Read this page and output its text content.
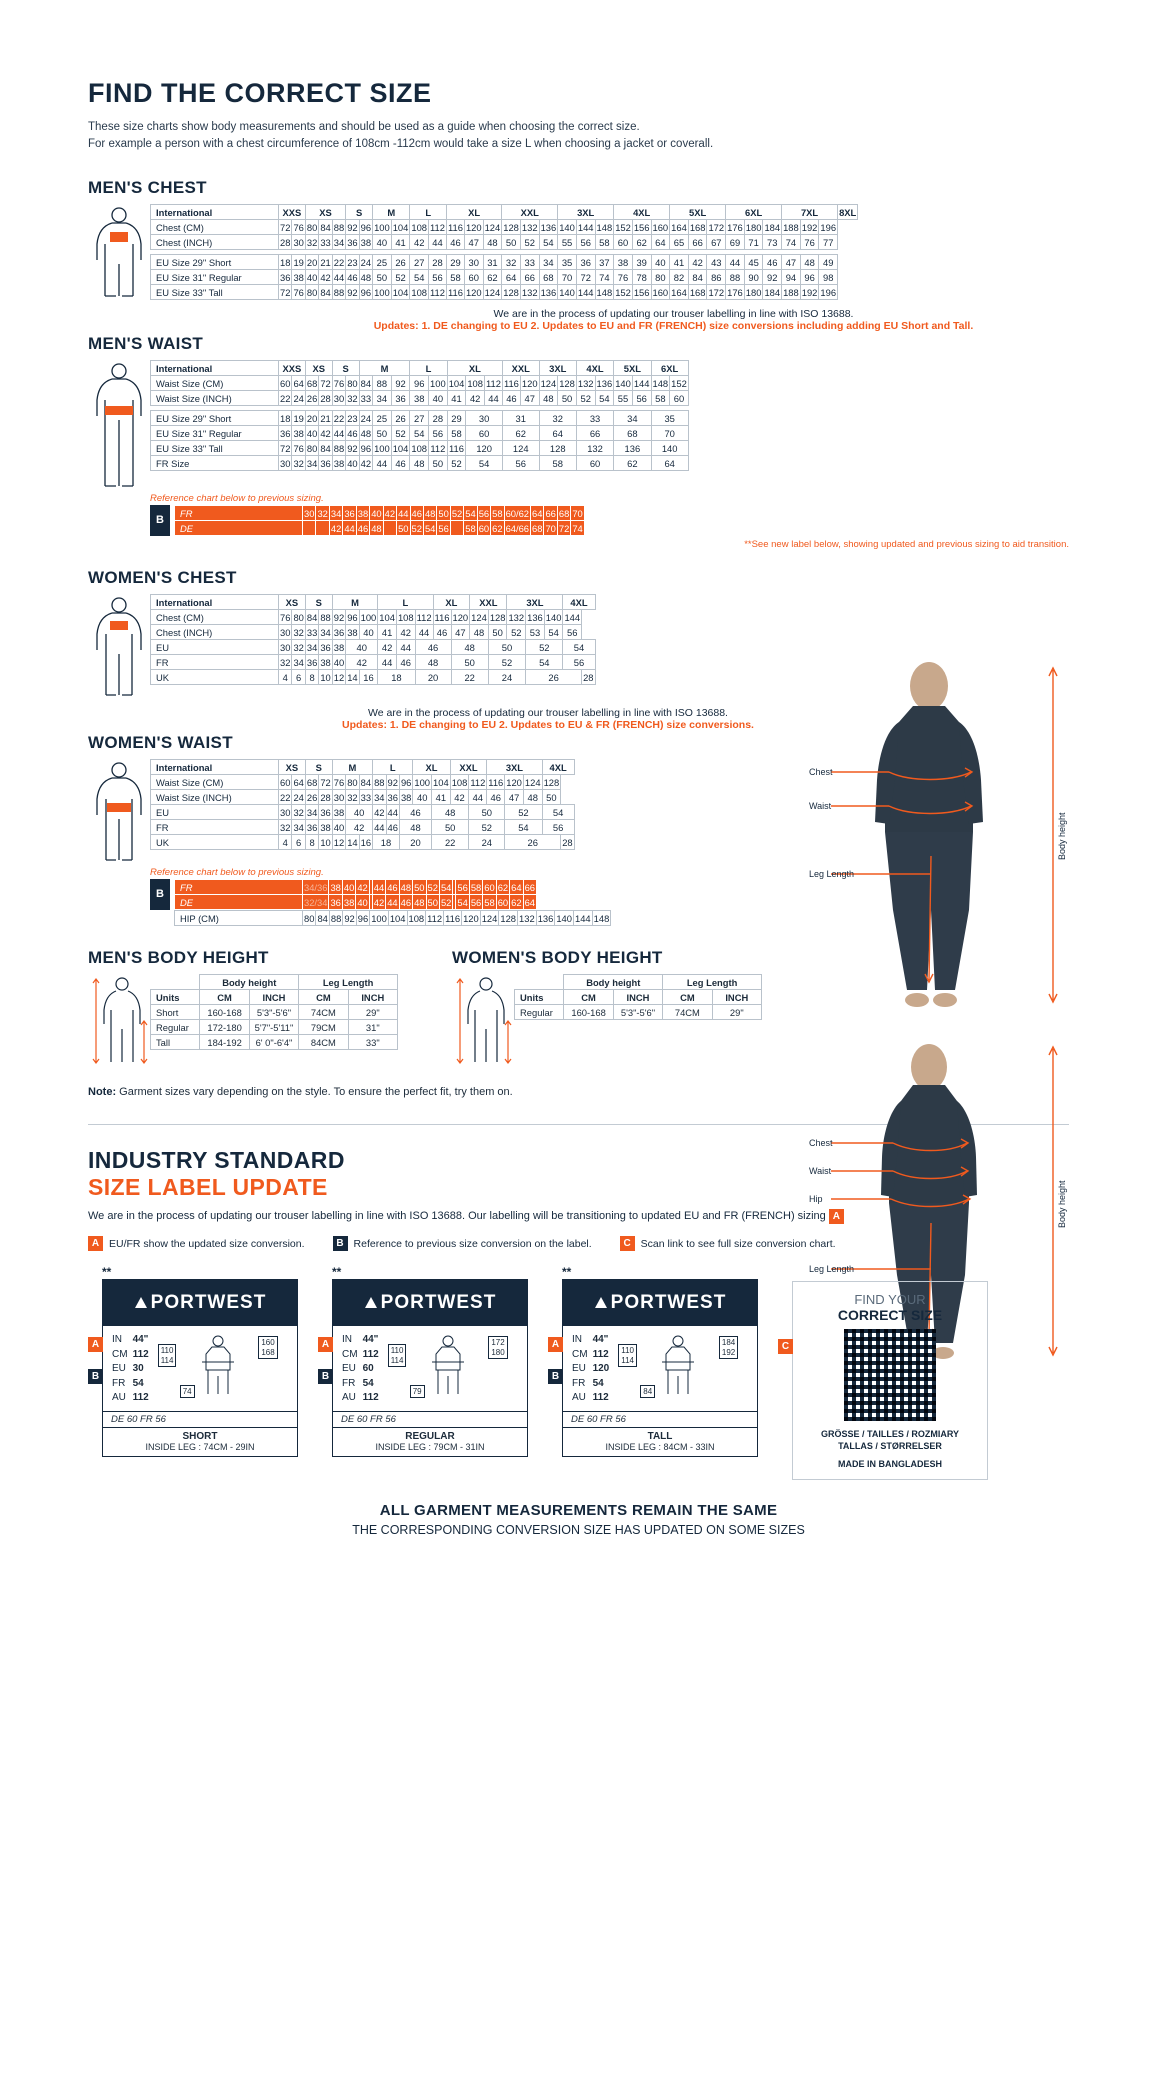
FIND THE CORRECT SIZE
These size charts show body measurements and should be used as a guide when choosing the correct size.
For example a person with a chest circumference of 108cm -112cm would take a size L when choosing a jacket or coverall.
MEN'S CHEST
International	XXS		XS			S		M		L		XL			XXL			3XL			4XL			5XL			6XL			7XL			8XL
Chest (CM)	72	76	80	84	88	92	96	100	104	108	112	116	120	124	128	132	136	140	144	148	152	156	160	164	168	172	176	180	184	188	192	196	
Chest (INCH)	28	30	32	33	34	36	38	40	41	42	44	46	47	48	50	52	54	55	56	58	60	62	64	65	66	67	69	71	73	74	76	77	

EU Size 29" Short	18	19	20	21	22	23	24	25	26	27	28	29	30	31	32	33	34	35	36	37	38	39	40	41	42	43	44	45	46	47	48	49	
EU Size 31" Regular	36	38	40	42	44	46	48	50	52	54	56	58	60	62	64	66	68	70	72	74	76	78	80	82	84	86	88	90	92	94	96	98	
EU Size 33" Tall	72	76	80	84	88	92	96	100	104	108	112	116	120	124	128	132	136	140	144	148	152	156	160	164	168	172	176	180	184	188	192	196	
We are in the process of updating our trouser labelling in line with ISO 13688.
Updates: 1. DE changing to EU 2. Updates to EU and FR (FRENCH) size conversions including adding EU Short and Tall.
MEN'S WAIST
International	XXS		XS		S		M			L		XL			XXL		3XL		4XL		5XL		6XL	
Waist Size (CM)	60	64	68	72	76	80	84	88	92	96	100	104	108	112	116	120	124	128	132	136	140	144	148	152
Waist Size (INCH)	22	24	26	28	30	32	33	34	36	38	40	41	42	44	46	47	48	50	52	54	55	56	58	60

EU Size 29" Short	18	19	20	21	22	23	24	25	26	27	28	29	30		31		32		33		34		35	
EU Size 31" Regular	36	38	40	42	44	46	48	50	52	54	56	58	60		62		64		66		68		70	
EU Size 33" Tall	72	76	80	84	88	92	96	100	104	108	112	116	120		124		128		132		136		140	
FR Size	30	32	34	36	38	40	42	44	46	48	50	52	54		56		58		60		62		64	
Reference chart below to previous sizing.
B
FR	30	32	34	36	38	40	42	44	46	48	50	52	54	56	58	60/62	64	66	68	70
DE			42	44	46	48		50	52	54	56		58	60	62	64/66	68	70	72	74
**See new label below, showing updated and previous sizing to aid transition.
WOMEN'S CHEST
International	XS		S		M			L			XL		XXL		3XL			4XL	
Chest (CM)	76	80	84	88	92	96	100	104	108	112	116	120	124	128	132	136	140	144	
Chest (INCH)	30	32	33	34	36	38	40	41	42	44	46	47	48	50	52	53	54	56	
EU	30	32	34	36	38	40		42	44	46		48		50		52		54	
FR	32	34	36	38	40	42		44	46	48		50		52		54		56	
UK	4	6	8	10	12	14	16	18		20		22		24		26			28
We are in the process of updating our trouser labelling in line with ISO 13688.
Updates: 1. DE changing to EU 2. Updates to EU & FR (FRENCH) size conversions.
WOMEN'S WAIST
International	XS		S		M			L			XL		XXL		3XL			4XL	
Waist Size (CM)	60	64	68	72	76	80	84	88	92	96	100	104	108	112	116	120	124	128	
Waist Size (INCH)	22	24	26	28	30	32	33	34	36	38	40	41	42	44	46	47	48	50	
EU	30	32	34	36	38	40		42	44	46		48		50		52		54	
FR	32	34	36	38	40	42		44	46	48		50		52		54		56	
UK	4	6	8	10	12	14	16	18		20		22		24		26			28
Reference chart below to previous sizing.
B
FR	34/36	38	40	42		44	46	48	50	52	54		56	58	60	62	64	66
DE	32/34	36	38	40		42	44	46	48	50	52		54	56	58	60	62	64
HIP (CM)	80	84	88	92	96	100	104	108	112	116	120	124	128	132	136	140	144	148
MEN'S BODY HEIGHT
	Body height		Leg Length	
Units	CM	INCH	CM	INCH
Short	160-168	5'3"-5'6"	74CM	29"
Regular	172-180	5'7"-5'11"	79CM	31"
Tall	184-192	6' 0"-6'4"	84CM	33"
WOMEN'S BODY HEIGHT
	Body height		Leg Length	
Units	CM	INCH	CM	INCH
Regular	160-168	5'3"-5'6"	74CM	29"
Note: Garment sizes vary depending on the style. To ensure the perfect fit, try them on.
Chest
Waist
Leg Length
Body height

Chest
Waist
Hip
Leg Length
Body height
INDUSTRY STANDARD
SIZE LABEL UPDATE
We are in the process of updating our trouser labelling in line with ISO 13688. Our labelling will be transitioning to updated EU and FR (FRENCH) sizing A
A EU/FR show the updated size conversion.	B Reference to previous size conversion on the label.	C Scan link to see full size conversion chart.
**
A
B
PORTWEST
IN	44"
CM	112
EU	30
FR	54
AU	112
110
114
160
168
74
DE 60 FR 56
SHORT
INSIDE LEG : 74CM - 29IN
**
A
B
PORTWEST
IN	44"
CM	112
EU	60
FR	54
AU	112
110
114
172
180
79
DE 60 FR 56
REGULAR
INSIDE LEG : 79CM - 31IN
**
A
B
PORTWEST
IN	44"
CM	112
EU	120
FR	54
AU	112
110
114
184
192
84
DE 60 FR 56
TALL
INSIDE LEG : 84CM - 33IN
C
FIND YOUR
CORRECT SIZE
GRÖSSE / TAILLES / ROZMIARY
TALLAS / STØRRELSER
MADE IN BANGLADESH
ALL GARMENT MEASUREMENTS REMAIN THE SAME
THE CORRESPONDING CONVERSION SIZE HAS UPDATED ON SOME SIZES
